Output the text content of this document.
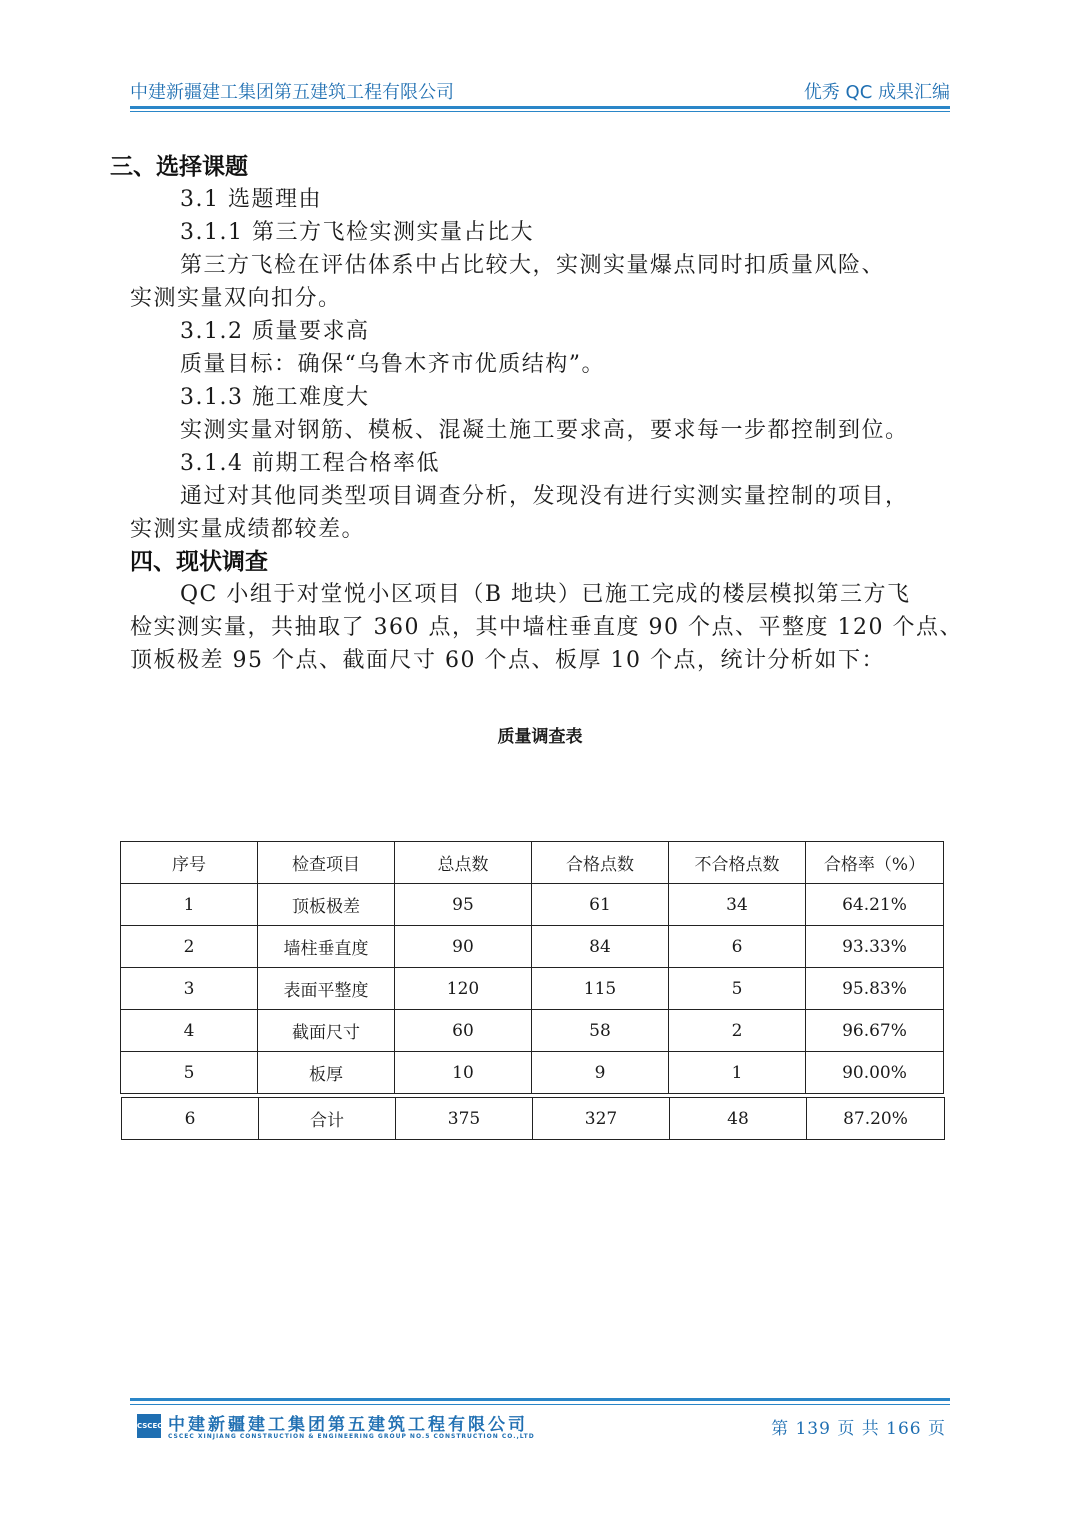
中建新疆建工集团第五建筑工程有限公司	优秀 QC 成果汇编
三、选择课题
3.1 选题理由
3.1.1 第三方飞检实测实量占比大
第三方飞检在评估体系中占比较大，实测实量爆点同时扣质量风险、
实测实量双向扣分。
3.1.2 质量要求高
质量目标：确保“乌鲁木齐市优质结构”。
3.1.3 施工难度大
实测实量对钢筋、模板、混凝土施工要求高，要求每一步都控制到位。
3.1.4 前期工程合格率低
通过对其他同类型项目调查分析，发现没有进行实测实量控制的项目，
实测实量成绩都较差。
四、现状调查
QC 小组于对堂悦小区项目（B 地块）已施工完成的楼层模拟第三方飞
检实测实量，共抽取了 360 点，其中墙柱垂直度 90 个点、平整度 120 个点、
顶板极差 95 个点、截面尺寸 60 个点、板厚 10 个点，统计分析如下：
质量调查表
序号	检查项目	总点数	合格点数	不合格点数	合格率（%）
1	顶板极差	95	61	34	64.21%
2	墙柱垂直度	90	84	6	93.33%
3	表面平整度	120	115	5	95.83%
4	截面尺寸	60	58	2	96.67%
5	板厚	10	9	1	90.00%
6	合计	375	327	48	87.20%
CSCEC 中建新疆建工集团第五建筑工程有限公司
CSCEC XINJIANG CONSTRUCTION & ENGINEERING GROUP NO.5 CONSTRUCTION CO.,LTD	第 139 页 共 166 页
